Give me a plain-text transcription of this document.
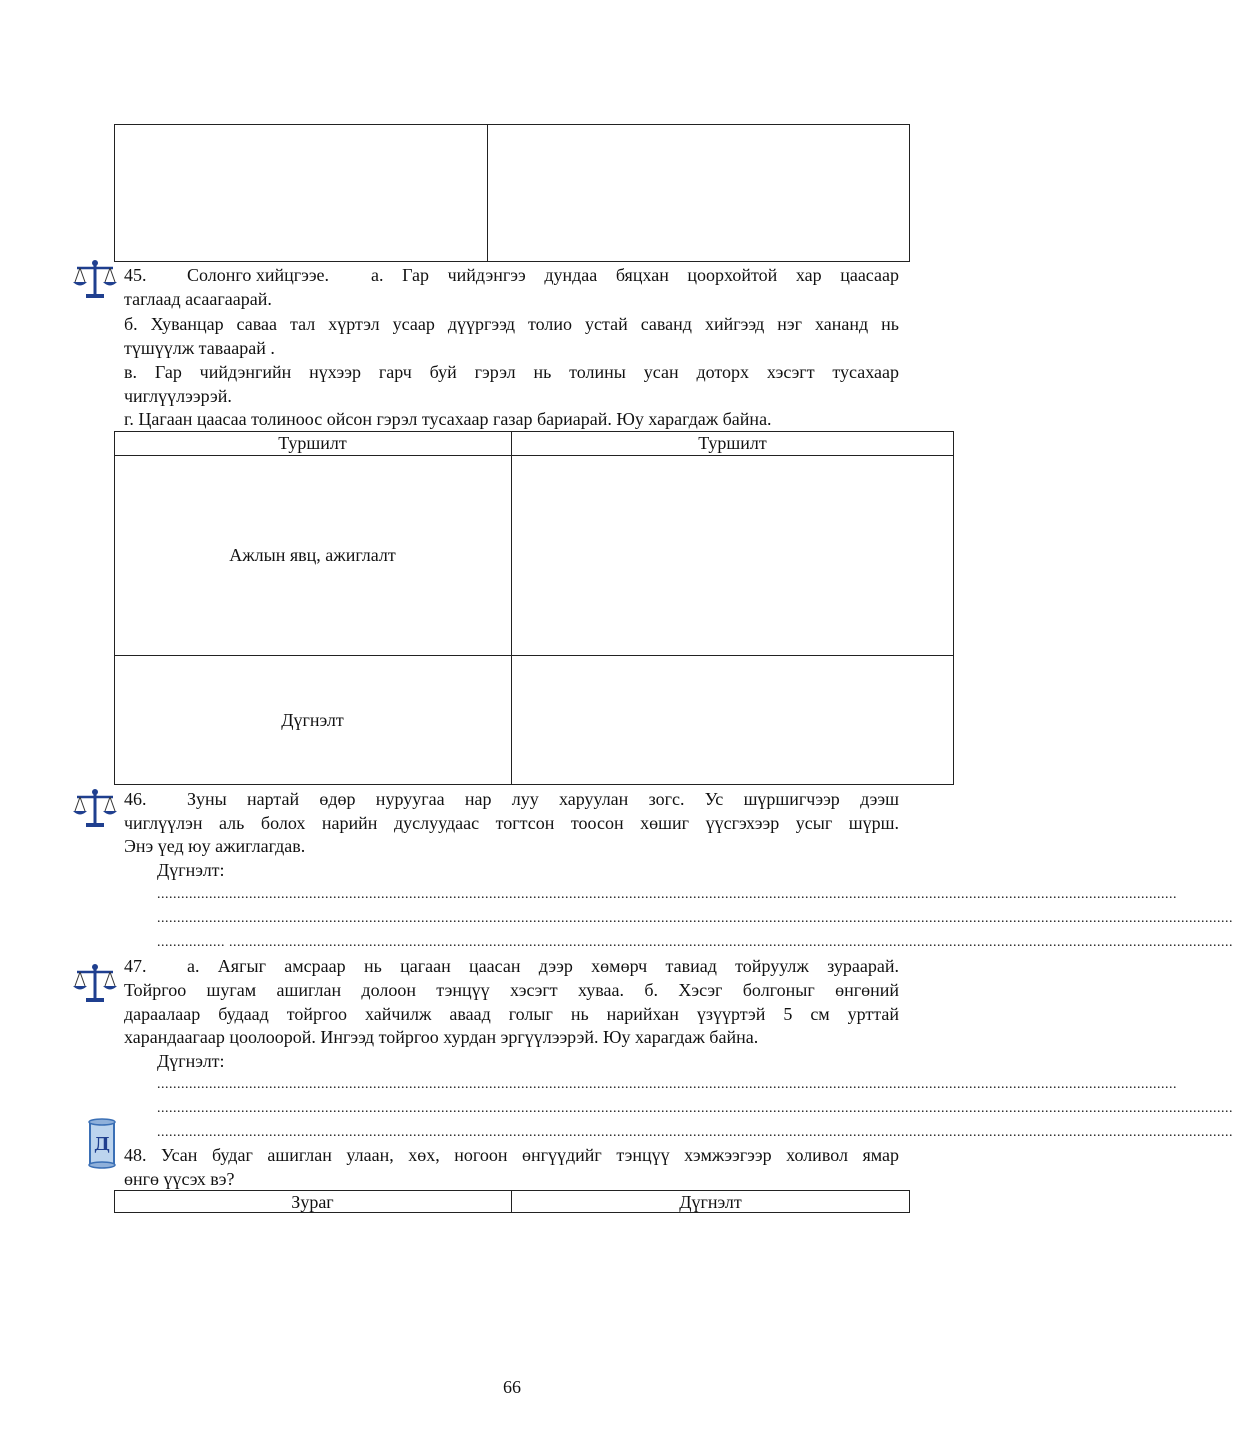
45. Солонго хийцгээе. а. Гар чийдэнгээ дундаа бяцхан цоорхойтой хар цаасаар
таглаад асаагаарай.
б. Хуванцар саваа тал хүртэл усаар дүүргээд толио устай саванд хийгээд нэг хананд нь
түшүүлж тавaарай .
в. Гар чийдэнгийн нүхээр гарч буй гэрэл нь толины усан доторх хэсэгт тусахаар
чиглүүлээрэй.
г. Цагаан цаасаа толиноос ойсон гэрэл тусахаар газар бариарай. Юу харагдаж байна.
Туршилт	Туршилт
Ажлын явц, ажиглалт
Дүгнэлт
46. Зуны нартай өдөр нуруугаа нар луу харуулан зогс. Ус шүршигчээр дээш
чиглүүлэн аль болох нарийн дуслуудаас тогтсон тоосон хөшиг үүсгэхээр усыг шүрш.
Энэ үед юу ажиглагдав.
Дүгнэлт:
...............................................................................................................................................................................................................................................................
.............................................................................................................................................................................................................................................................................
................. ...........................................................................................................................................................................................................................................................
47. а. Аягыг амсраар нь цагаан цаасан дээр хөмөрч тавиад тойруулж зураарай.
Тойргоо шугам ашиглан долоон тэнцүү хэсэгт хуваа. б. Хэсэг болгоныг өнгөний
дараалаар будаад тойргоо хайчилж аваад голыг нь нарийхан үзүүртэй 5 см урттай
харандаагаар цоолоорой. Ингээд тойргоо хурдан эргүүлээрэй. Юу харагдаж байна.
Дүгнэлт:
...............................................................................................................................................................................................................................................................
.............................................................................................................................................................................................................................................................................
.............................................................................................................................................................................................................................................................................
Д 48. Усан будаг ашиглан улаан, хөх, ногоон өнгүүдийг тэнцүү хэмжээгээр холивол ямар
өнгө үүсэх вэ?
Зураг	Дүгнэлт
66
